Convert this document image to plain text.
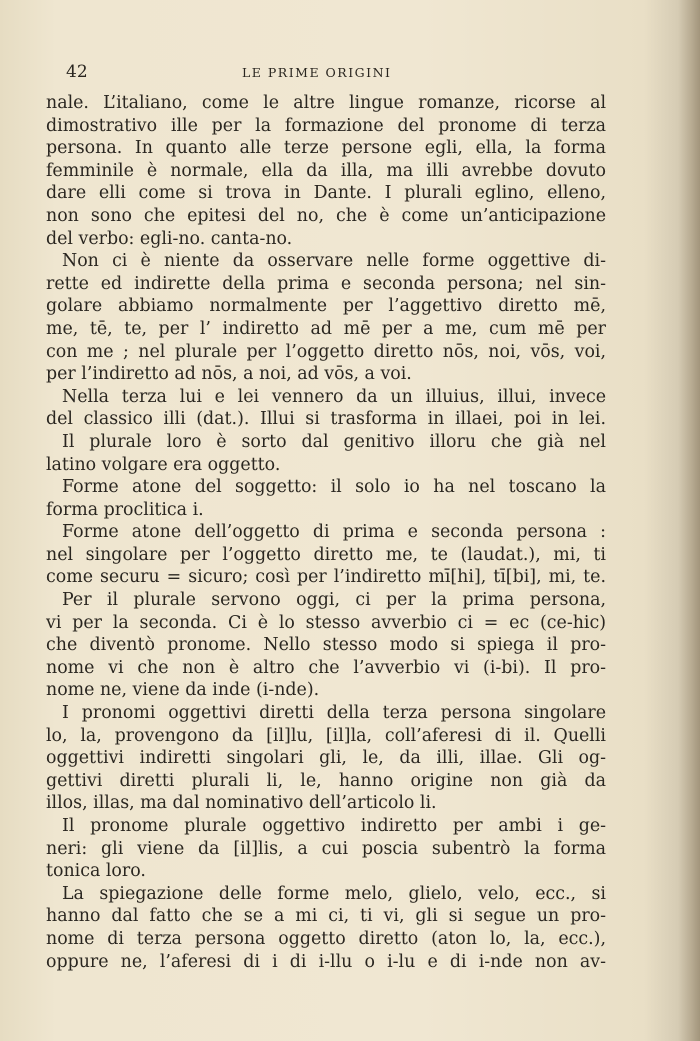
42	LE PRIME ORIGINI
nale. L’italiano, come le altre lingue romanze, ricorse al
dimostrativo ille per la formazione del pronome di terza
persona. In quanto alle terze persone egli, ella, la forma
femminile è normale, ella da illa, ma illi avrebbe dovuto
dare elli come si trova in Dante. I plurali eglino, elleno,
non sono che epitesi del no, che è come un’anticipazione
del verbo: egli-no. canta-no.
Non ci è niente da osservare nelle forme oggettive di-
rette ed indirette della prima e seconda persona; nel sin-
golare abbiamo normalmente per l’aggettivo diretto mē,
me, tē, te, per l’ indiretto ad mē per a me, cum mē per
con me ; nel plurale per l’oggetto diretto nōs, noi, vōs, voi,
per l’indiretto ad nōs, a noi, ad vōs, a voi.
Nella terza lui e lei vennero da un illuius, illui, invece
del classico illi (dat.). Illui si trasforma in illaei, poi in lei.
Il plurale loro è sorto dal genitivo illoru che già nel
latino volgare era oggetto.
Forme atone del soggetto: il solo io ha nel toscano la
forma proclitica i.
Forme atone dell’oggetto di prima e seconda persona :
nel singolare per l’oggetto diretto me, te (laudat.), mi, ti
come securu = sicuro; così per l’indiretto mī[hi], tī[bi], mi, te.
Per il plurale servono oggi, ci per la prima persona,
vi per la seconda. Ci è lo stesso avverbio ci = ec (ce-hic)
che diventò pronome. Nello stesso modo si spiega il pro-
nome vi che non è altro che l’avverbio vi (i-bi). Il pro-
nome ne, viene da inde (i-nde).
I pronomi oggettivi diretti della terza persona singolare
lo, la, provengono da [il]lu, [il]la, coll’aferesi di il. Quelli
oggettivi indiretti singolari gli, le, da illi, illae. Gli og-
gettivi diretti plurali li, le, hanno origine non già da
illos, illas, ma dal nominativo dell’articolo li.
Il pronome plurale oggettivo indiretto per ambi i ge-
neri: gli viene da [il]lis, a cui poscia subentrò la forma
tonica loro.
La spiegazione delle forme melo, glielo, velo, ecc., si
hanno dal fatto che se a mi ci, ti vi, gli si segue un pro-
nome di terza persona oggetto diretto (aton lo, la, ecc.),
oppure ne, l’aferesi di i di i-llu o i-lu e di i-nde non av-
